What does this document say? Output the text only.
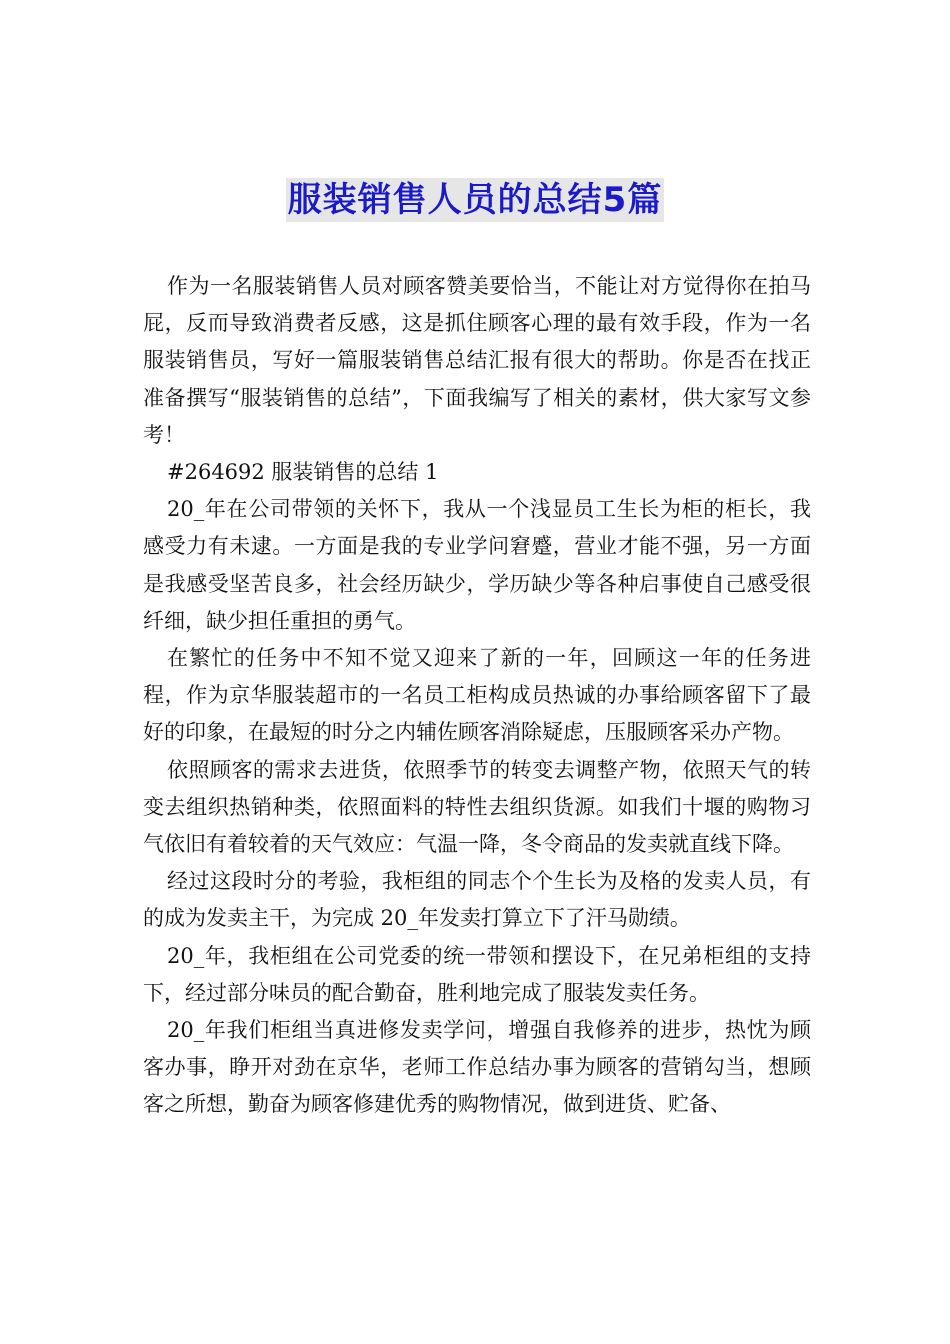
服装销售人员的总结5篇

作为一名服装销售人员对顾客赞美要恰当，不能让对方觉得你在拍马屁，反而导致消费者反感，这是抓住顾客心理的最有效手段，作为一名服装销售员，写好一篇服装销售总结汇报有很大的帮助。你是否在找正准备撰写“服装销售的总结”，下面我编写了相关的素材，供大家写文参考！

#264692 服装销售的总结 1

20_年在公司带领的关怀下，我从一个浅显员工生长为柜的柜长，我感受力有未逮。一方面是我的专业学问窘蹙，营业才能不强，另一方面是我感受坚苦良多，社会经历缺少，学历缺少等各种启事使自己感受很纤细，缺少担任重担的勇气。

在繁忙的任务中不知不觉又迎来了新的一年，回顾这一年的任务进程，作为京华服装超市的一名员工柜构成员热诚的办事给顾客留下了最好的印象，在最短的时分之内辅佐顾客消除疑虑，压服顾客采办产物。

依照顾客的需求去进货，依照季节的转变去调整产物，依照天气的转变去组织热销种类，依照面料的特性去组织货源。如我们十堰的购物习气依旧有着较着的天气效应：气温一降，冬令商品的发卖就直线下降。

经过这段时分的考验，我柜组的同志个个生长为及格的发卖人员，有的成为发卖主干，为完成 20_年发卖打算立下了汗马勋绩。

20_年，我柜组在公司党委的统一带领和摆设下，在兄弟柜组的支持下，经过部分味员的配合勤奋，胜利地完成了服装发卖任务。

20_年我们柜组当真进修发卖学问，增强自我修养的进步，热忱为顾客办事，睁开对劲在京华，老师工作总结办事为顾客的营销勾当，想顾客之所想，勤奋为顾客修建优秀的购物情况，做到进货、贮备、
